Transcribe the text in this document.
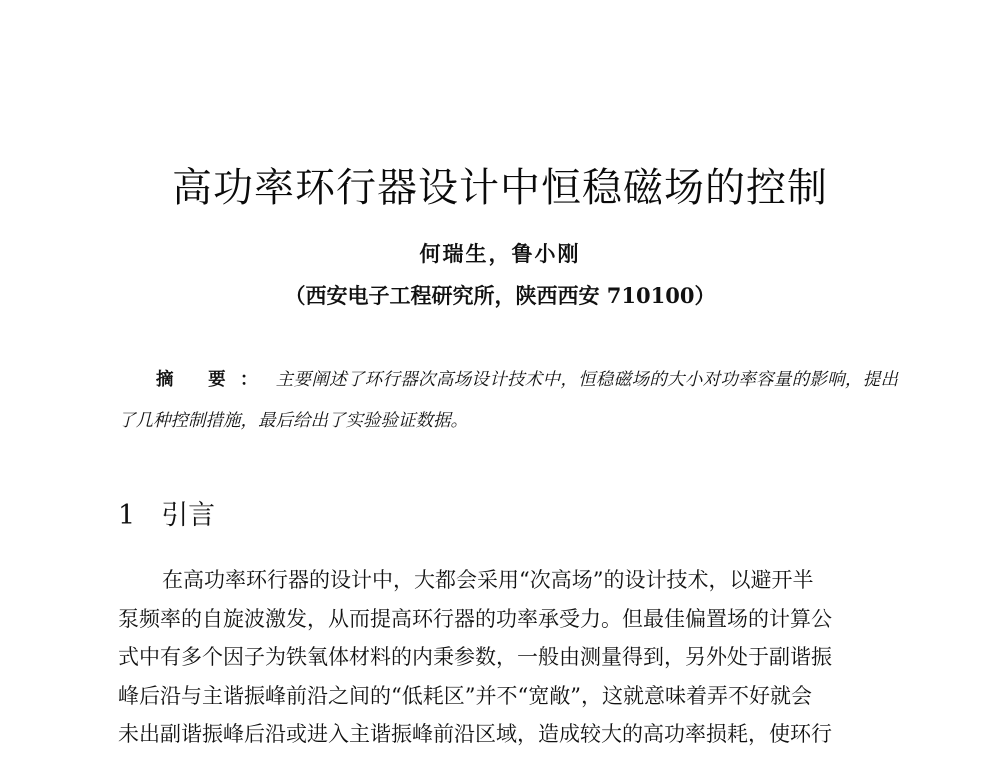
高功率环行器设计中恒稳磁场的控制
何瑞生，鲁小刚
（西安电子工程研究所，陕西西安 710100）
摘 要： 主要阐述了环行器次高场设计技术中，恒稳磁场的大小对功率容量的影响，提出了几种控制措施，最后给出了实验验证数据。
1 引言
在高功率环行器的设计中，大都会采用“次高场”的设计技术，以避开半
泵频率的自旋波激发，从而提高环行器的功率承受力。但最佳偏置场的计算公
式中有多个因子为铁氧体材料的内秉参数，一般由测量得到，另外处于副谐振
峰后沿与主谐振峰前沿之间的“低耗区”并不“宽敞”，这就意味着弄不好就会
未出副谐振峰后沿或进入主谐振峰前沿区域，造成较大的高功率损耗，使环行
